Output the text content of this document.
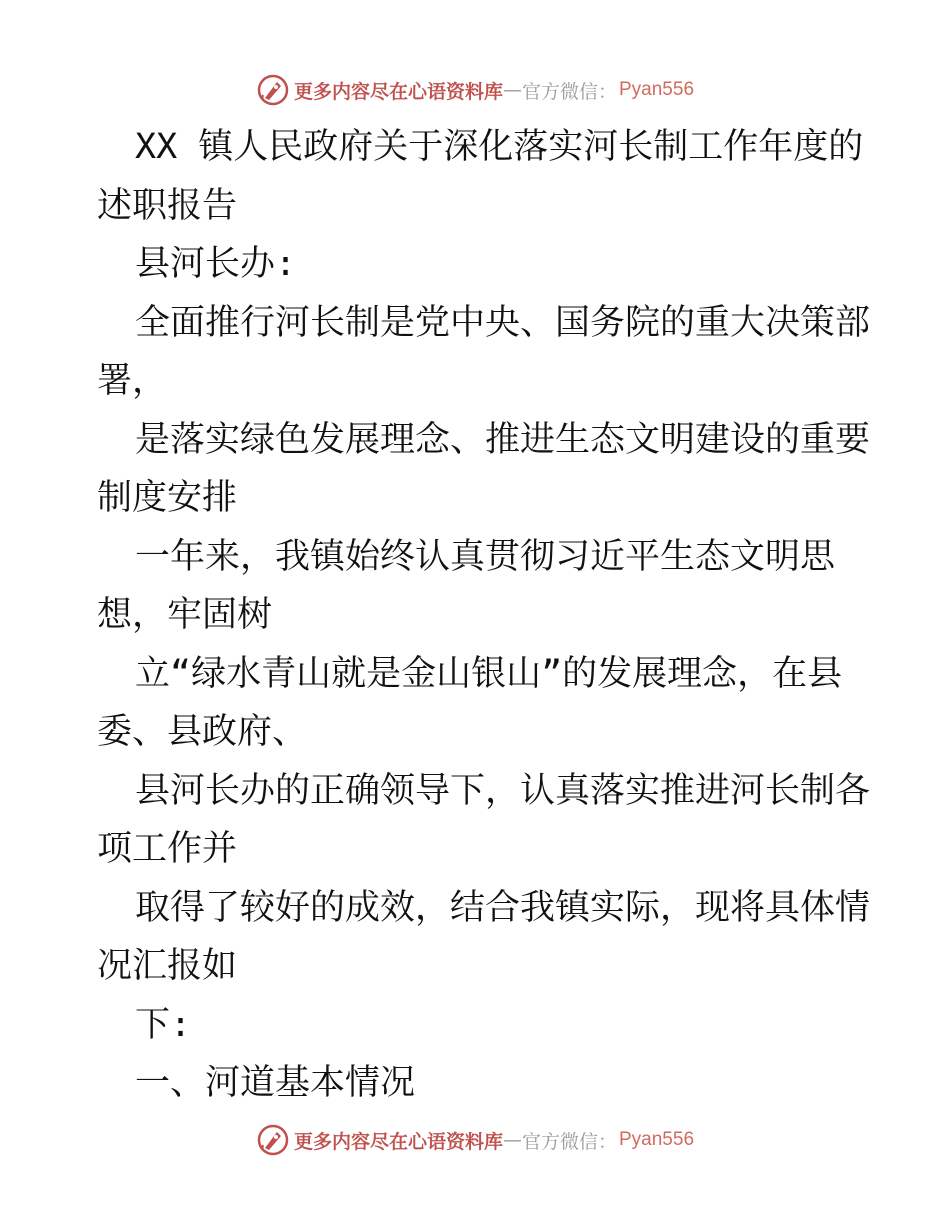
更多内容尽在心语资料库 — 官方微信： Pyan556
XX 镇人民政府关于深化落实河长制工作年度的
述职报告
县河长办:
全面推行河长制是党中央、国务院的重大决策部
署，
是落实绿色发展理念、推进生态文明建设的重要
制度安排
一年来，我镇始终认真贯彻习近平生态文明思
想，牢固树
立“绿水青山就是金山银山”的发展理念，在县
委、县政府、
县河长办的正确领导下，认真落实推进河长制各
项工作并
取得了较好的成效，结合我镇实际，现将具体情
况汇报如
下:
一、河道基本情况
更多内容尽在心语资料库 — 官方微信： Pyan556
